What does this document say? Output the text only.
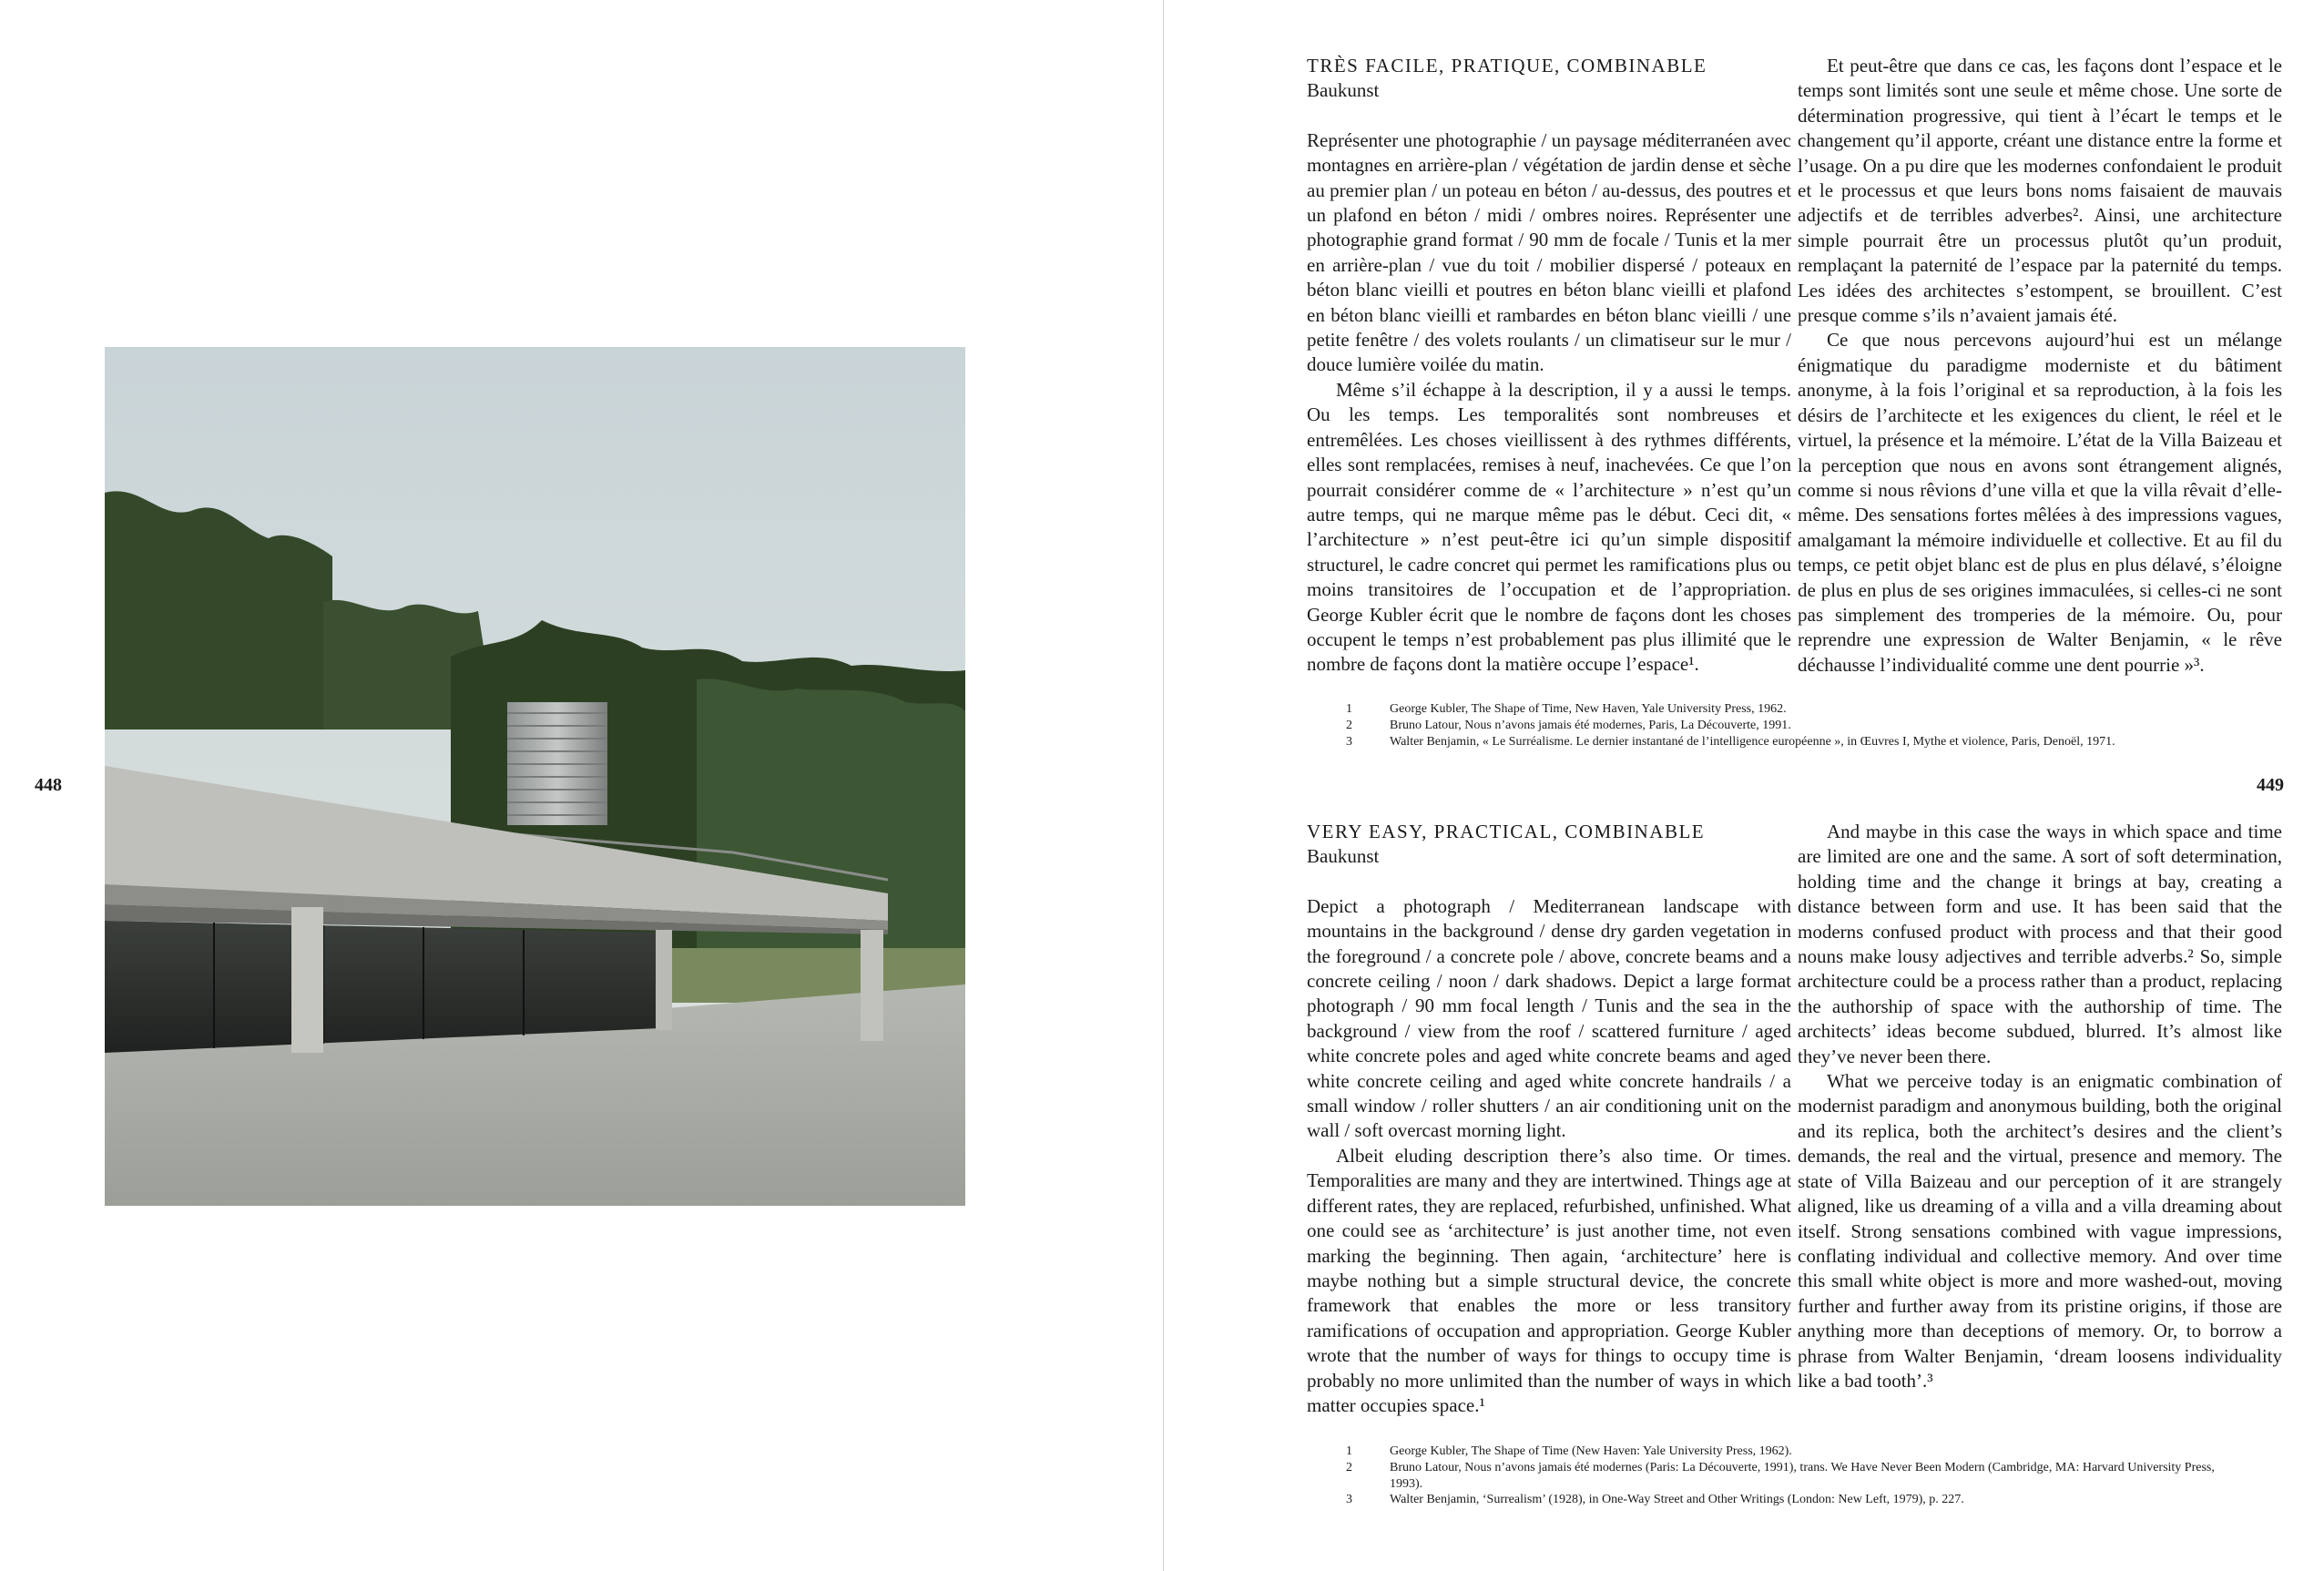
448	449

TRÈS FACILE, PRATIQUE, COMBINABLE

Baukunst

Représenter une photographie / un paysage méditerranéen avec montagnes en arrière-plan / végétation de jardin dense et sèche au premier plan / un poteau en béton / au-dessus, des poutres et un plafond en béton / midi / ombres noires. Représenter une photographie grand format / 90 mm de focale / Tunis et la mer en arrière-plan / vue du toit / mobilier dispersé / poteaux en béton blanc vieilli et poutres en béton blanc vieilli et plafond en béton blanc vieilli et rambardes en béton blanc vieilli / une petite fenêtre / des volets roulants / un climatiseur sur le mur / douce lumière voilée du matin.

Même s’il échappe à la description, il y a aussi le temps. Ou les temps. Les temporalités sont nombreuses et entremêlées. Les choses vieillissent à des rythmes différents, elles sont remplacées, remises à neuf, inachevées. Ce que l’on pourrait considérer comme de « l’architecture » n’est qu’un autre temps, qui ne marque même pas le début. Ceci dit, « l’architecture » n’est peut-être ici qu’un simple dispositif structurel, le cadre concret qui permet les ramifications plus ou moins transitoires de l’occupation et de l’appropriation. George Kubler écrit que le nombre de façons dont les choses occupent le temps n’est probablement pas plus illimité que le nombre de façons dont la matière occupe l’espace¹.

Et peut-être que dans ce cas, les façons dont l’espace et le temps sont limités sont une seule et même chose. Une sorte de détermination progressive, qui tient à l’écart le temps et le changement qu’il apporte, créant une distance entre la forme et l’usage. On a pu dire que les modernes confondaient le produit et le processus et que leurs bons noms faisaient de mauvais adjectifs et de terribles adverbes². Ainsi, une architecture simple pourrait être un processus plutôt qu’un produit, remplaçant la paternité de l’espace par la paternité du temps. Les idées des architectes s’estompent, se brouillent. C’est presque comme s’ils n’avaient jamais été.

Ce que nous percevons aujourd’hui est un mélange énigmatique du paradigme moderniste et du bâtiment anonyme, à la fois l’original et sa reproduction, à la fois les désirs de l’architecte et les exigences du client, le réel et le virtuel, la présence et la mémoire. L’état de la Villa Baizeau et la perception que nous en avons sont étrangement alignés, comme si nous rêvions d’une villa et que la villa rêvait d’elle-même. Des sensations fortes mêlées à des impressions vagues, amalgamant la mémoire individuelle et collective. Et au fil du temps, ce petit objet blanc est de plus en plus délavé, s’éloigne de plus en plus de ses origines immaculées, si celles-ci ne sont pas simplement des tromperies de la mémoire. Ou, pour reprendre une expression de Walter Benjamin, « le rêve déchausse l’individualité comme une dent pourrie »³.

1	George Kubler, The Shape of Time, New Haven, Yale University Press, 1962.
2	Bruno Latour, Nous n’avons jamais été modernes, Paris, La Découverte, 1991.
3	Walter Benjamin, « Le Surréalisme. Le dernier instantané de l’intelligence européenne », in Œuvres I, Mythe et violence, Paris, Denoël, 1971.

VERY EASY, PRACTICAL, COMBINABLE

Baukunst

Depict a photograph / Mediterranean landscape with mountains in the background / dense dry garden vegetation in the foreground / a concrete pole / above, concrete beams and a concrete ceiling / noon / dark shadows. Depict a large format photograph / 90 mm focal length / Tunis and the sea in the background / view from the roof / scattered furniture / aged white concrete poles and aged white concrete beams and aged white concrete ceiling and aged white concrete handrails / a small window / roller shutters / an air conditioning unit on the wall / soft overcast morning light.

Albeit eluding description there’s also time. Or times. Temporalities are many and they are intertwined. Things age at different rates, they are replaced, refurbished, unfinished. What one could see as ‘architecture’ is just another time, not even marking the beginning. Then again, ‘architecture’ here is maybe nothing but a simple structural device, the concrete framework that enables the more or less transitory ramifications of occupation and appropriation. George Kubler wrote that the number of ways for things to occupy time is probably no more unlimited than the number of ways in which matter occupies space.¹

And maybe in this case the ways in which space and time are limited are one and the same. A sort of soft determination, holding time and the change it brings at bay, creating a distance between form and use. It has been said that the moderns confused product with process and that their good nouns make lousy adjectives and terrible adverbs.² So, simple architecture could be a process rather than a product, replacing the authorship of space with the authorship of time. The architects’ ideas become subdued, blurred. It’s almost like they’ve never been there.

What we perceive today is an enigmatic combination of modernist paradigm and anonymous building, both the original and its replica, both the architect’s desires and the client’s demands, the real and the virtual, presence and memory. The state of Villa Baizeau and our perception of it are strangely aligned, like us dreaming of a villa and a villa dreaming about itself. Strong sensations combined with vague impressions, conflating individual and collective memory. And over time this small white object is more and more washed-out, moving further and further away from its pristine origins, if those are anything more than deceptions of memory. Or, to borrow a phrase from Walter Benjamin, ‘dream loosens individuality like a bad tooth’.³

1	George Kubler, The Shape of Time (New Haven: Yale University Press, 1962).
2	Bruno Latour, Nous n’avons jamais été modernes (Paris: La Découverte, 1991), trans. We Have Never Been Modern (Cambridge, MA: Harvard University Press, 1993).
3	Walter Benjamin, ‘Surrealism’ (1928), in One-Way Street and Other Writings (London: New Left, 1979), p. 227.
